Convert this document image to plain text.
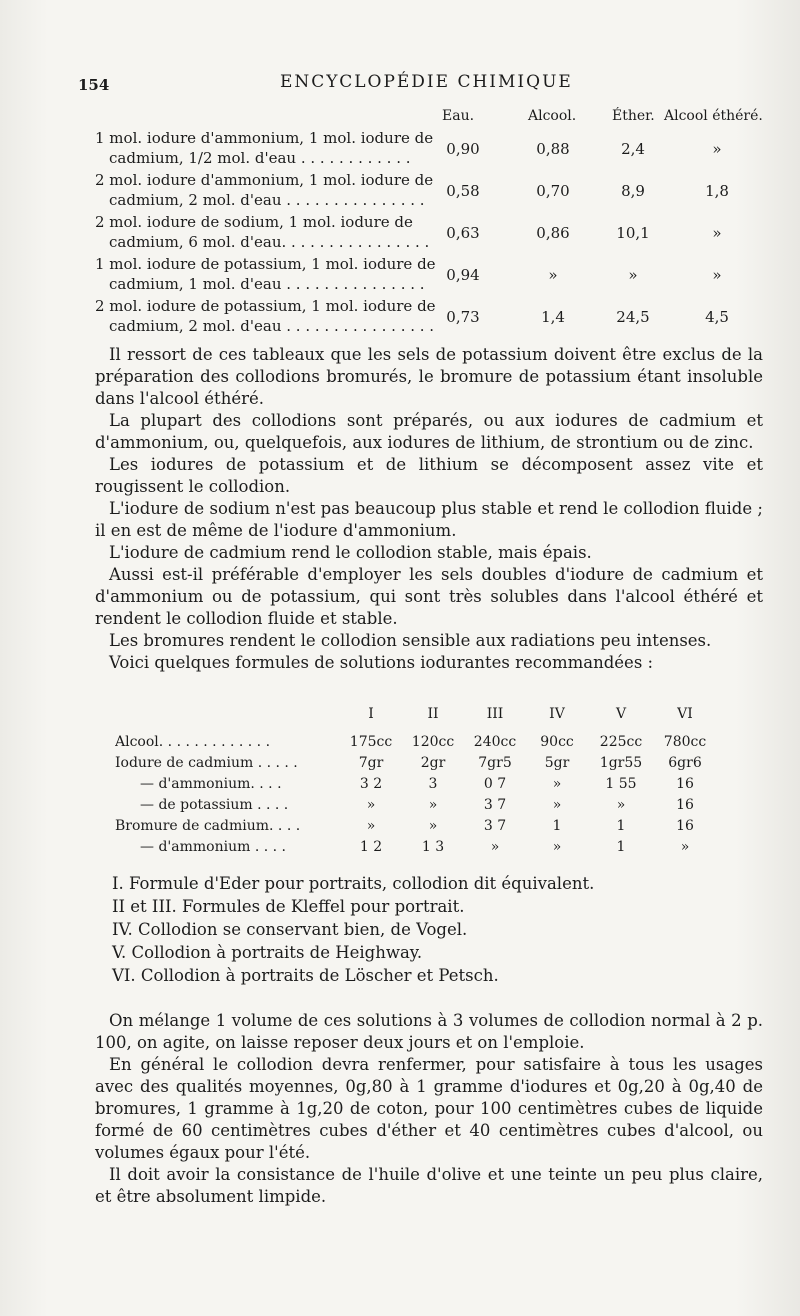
154	ENCYCLOPÉDIE CHIMIQUE
Eau.	Alcool.	Éther. Alcool éthéré.
1 mol. iodure d'ammonium, 1 mol. iodure de cadmium, 1/2 mol. d'eau . . . . . . . . . . . .	0,90	0,88	2,4	»
2 mol. iodure d'ammonium, 1 mol. iodure de cadmium, 2 mol. d'eau . . . . . . . . . . . . . . .	0,58	0,70	8,9	1,8
2 mol. iodure de sodium, 1 mol. iodure de cadmium, 6 mol. d'eau. . . . . . . . . . . . . . . .	0,63	0,86	10,1	»
1 mol. iodure de potassium, 1 mol. iodure de cadmium, 1 mol. d'eau . . . . . . . . . . . . . . .	0,94	»	»	»
2 mol. iodure de potassium, 1 mol. iodure de cadmium, 2 mol. d'eau . . . . . . . . . . . . . . . . 0,73	1,4	24,5	4,5

Il ressort de ces tableaux que les sels de potassium doivent être exclus de la préparation des collodions bromurés, le bromure de potassium étant insoluble dans l'alcool éthéré.

La plupart des collodions sont préparés, ou aux iodures de cadmium et d'ammonium, ou, quelquefois, aux iodures de lithium, de strontium ou de zinc.

Les iodures de potassium et de lithium se décomposent assez vite et rougissent le collodion.

L'iodure de sodium n'est pas beaucoup plus stable et rend le collodion fluide ; il en est de même de l'iodure d'ammonium.

L'iodure de cadmium rend le collodion stable, mais épais.

Aussi est-il préférable d'employer les sels doubles d'iodure de cadmium et d'ammonium ou de potassium, qui sont très solubles dans l'alcool éthéré et rendent le collodion fluide et stable.

Les bromures rendent le collodion sensible aux radiations peu intenses.

Voici quelques formules de solutions iodurantes recommandées :

I	II	III	IV	V	VI
Alcool. . . . . . . . . . . . .	175cc	120cc	240cc	90cc	225cc	780cc
Iodure de cadmium . . . . .	7gr	2gr	7gr5	5gr	1gr55	6gr6
— d'ammonium. . . .	3 2	3	0 7	»	1 55	16
— de potassium . . . .	»	»	3 7	»	»	16
Bromure de cadmium. . . .	»	»	3 7	1	1	16
— d'ammonium . . . .	1 2	1 3	»	»	1	»
I. Formule d'Eder pour portraits, collodion dit équivalent.
II et III. Formules de Kleffel pour portrait.
IV. Collodion se conservant bien, de Vogel.
V. Collodion à portraits de Heighway.
VI. Collodion à portraits de Löscher et Petsch.

On mélange 1 volume de ces solutions à 3 volumes de collodion normal à 2 p. 100, on agite, on laisse reposer deux jours et on l'emploie.

En général le collodion devra renfermer, pour satisfaire à tous les usages avec des qualités moyennes, 0g,80 à 1 gramme d'iodures et 0g,20 à 0g,40 de bromures, 1 gramme à 1g,20 de coton, pour 100 centimètres cubes de liquide formé de 60 centimètres cubes d'éther et 40 centimètres cubes d'alcool, ou volumes égaux pour l'été.

Il doit avoir la consistance de l'huile d'olive et une teinte un peu plus claire, et être absolument limpide.
